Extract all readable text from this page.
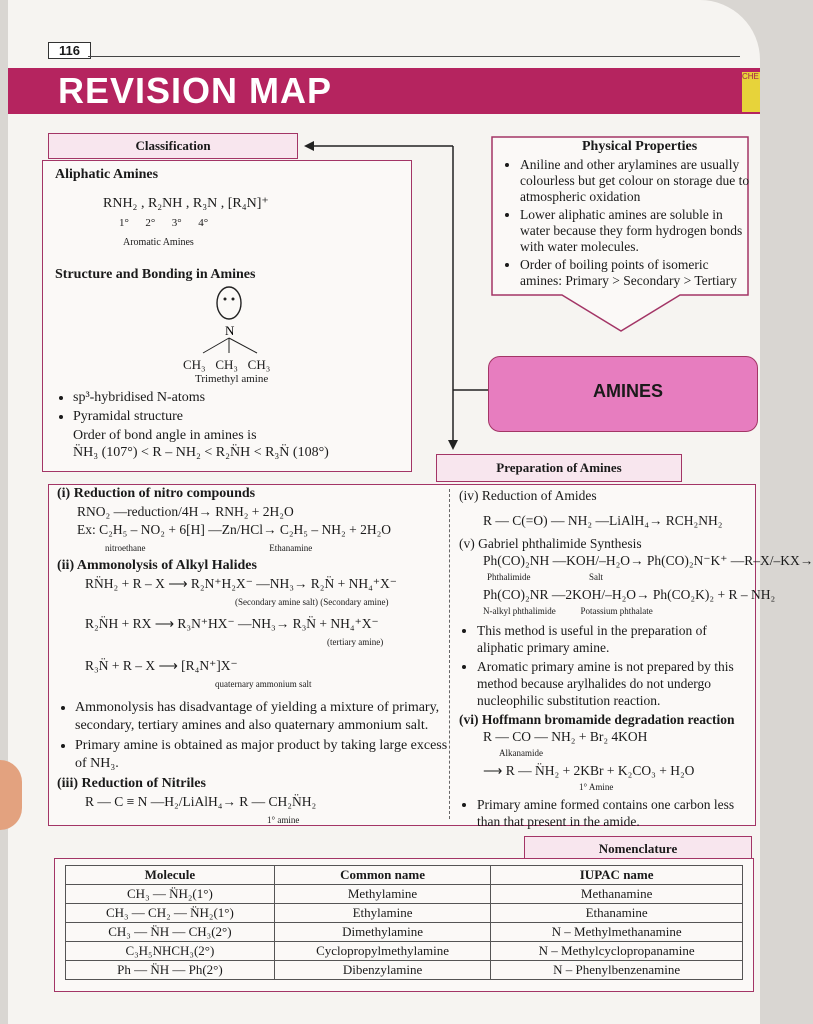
116
REVISION MAP	CHE
Classification
Aliphatic Amines
RNH₂ , R₂NH , R₃N , [R₄N]⁺
1°      2°      3°      4°
Aromatic Amines
Structure and Bonding in Amines
N
CH₃   CH₃   CH₃
Trimethyl amine
• sp³-hybridised N-atoms
• Pyramidal structure
Order of bond angle in amines is
N̈H₃ (107°) < R – NH₂ < R₂N̈H < R₃N̈ (108°)
Physical Properties
• Aniline and other arylamines are usually colourless but get colour on storage due to atmospheric oxidation
• Lower aliphatic amines are soluble in water because they form hydrogen bonds with water molecules.
• Order of boiling points of isomeric amines: Primary > Secondary > Tertiary
AMINES
Preparation of Amines
(i) Reduction of nitro compounds
RNO₂ —reduction/4H→ RNH₂ + 2H₂O
Ex: C₂H₅ – NO₂ + 6[H] —Zn/HCl→ C₂H₅ – NH₂ + 2H₂O
nitroethane                                                       Ethanamine
(ii) Ammonolysis of Alkyl Halides
RN̈H₂ + R – X ⟶ R₂N⁺H₂X⁻ —NH₃→ R₂N̈ + NH₄⁺X⁻
(Secondary amine salt) (Secondary amine)
R₂N̈H + RX ⟶ R₃N⁺HX⁻ —NH₃→ R₃N̈ + NH₄⁺X⁻
(tertiary amine)
R₃N̈ + R – X ⟶ [R₄N⁺]X⁻
quaternary ammonium salt
• Ammonolysis has disadvantage of yielding a mixture of primary, secondary, tertiary amines and also quaternary ammonium salt.
• Primary amine is obtained as major product by taking large excess of NH₃.
(iii) Reduction of Nitriles
R — C ≡ N —H₂/LiAlH₄→ R — CH₂N̈H₂
1° amine
(iv) Reduction of Amides
R — C(=O) — NH₂ —LiAlH₄→ RCH₂NH₂
(v) Gabriel phthalimide Synthesis
Ph(CO)₂NH —KOH/–H₂O→ Ph(CO)₂N⁻K⁺ —R–X/–KX→
Phthalimide                          Salt
Ph(CO)₂NR —2KOH/–H₂O→ Ph(CO₂K)₂ + R – NH₂
N-alkyl phthalimide           Potassium phthalate
• This method is useful in the preparation of aliphatic primary amine.
• Aromatic primary amine is not prepared by this method because arylhalides do not undergo nucleophilic substitution reaction.
(vi) Hoffmann bromamide degradation reaction
R — CO — NH₂ + Br₂ 4KOH
Alkanamide
⟶ R — N̈H₂ + 2KBr + K₂CO₃ + H₂O
1° Amine
• Primary amine formed contains one carbon less than that present in the amide.
Nomenclature
Molecule	Common name	IUPAC name
CH₃ — N̈H₂(1°)	Methylamine	Methanamine
CH₃ — CH₂ — N̈H₂(1°)	Ethylamine	Ethanamine
CH₃ — N̈H — CH₃(2°)	Dimethylamine	N – Methylmethanamine
C₃H₅NHCH₃(2°)	Cyclopropylmethylamine	N – Methylcyclopropanamine
Ph — N̈H — Ph(2°)	Dibenzylamine	N – Phenylbenzenamine
